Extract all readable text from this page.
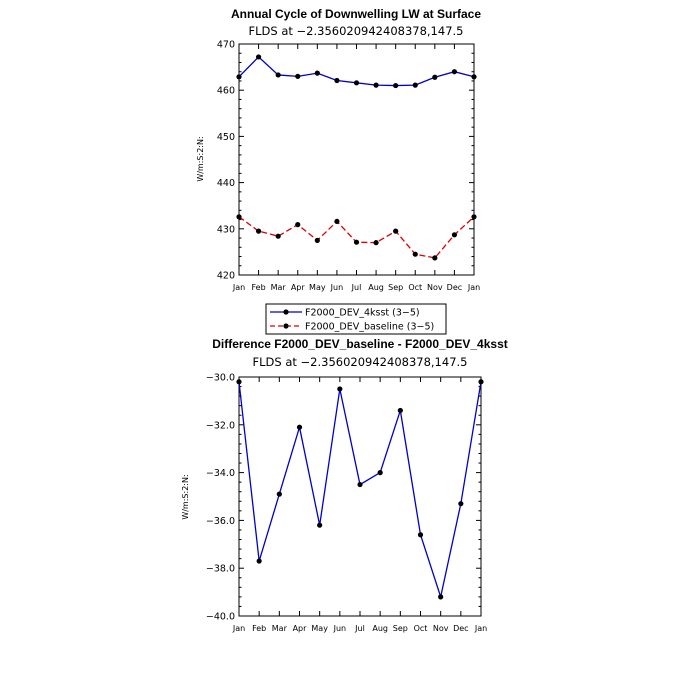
Annual Cycle of Downwelling LW at Surface
FLDS at −2.356020942408378,147.5
W/m:S:2:N:
420
430
440
450
460
470
Jan Feb Mar Apr May Jun Jul Aug Sep Oct Nov Dec Jan
F2000_DEV_4ksst (3−5)
F2000_DEV_baseline (3−5)
Difference F2000_DEV_baseline - F2000_DEV_4ksst
FLDS at −2.356020942408378,147.5
W/m:S:2:N:
−40.0
−38.0
−36.0
−34.0
−32.0
−30.0
Jan Feb Mar Apr May Jun Jul Aug Sep Oct Nov Dec Jan
